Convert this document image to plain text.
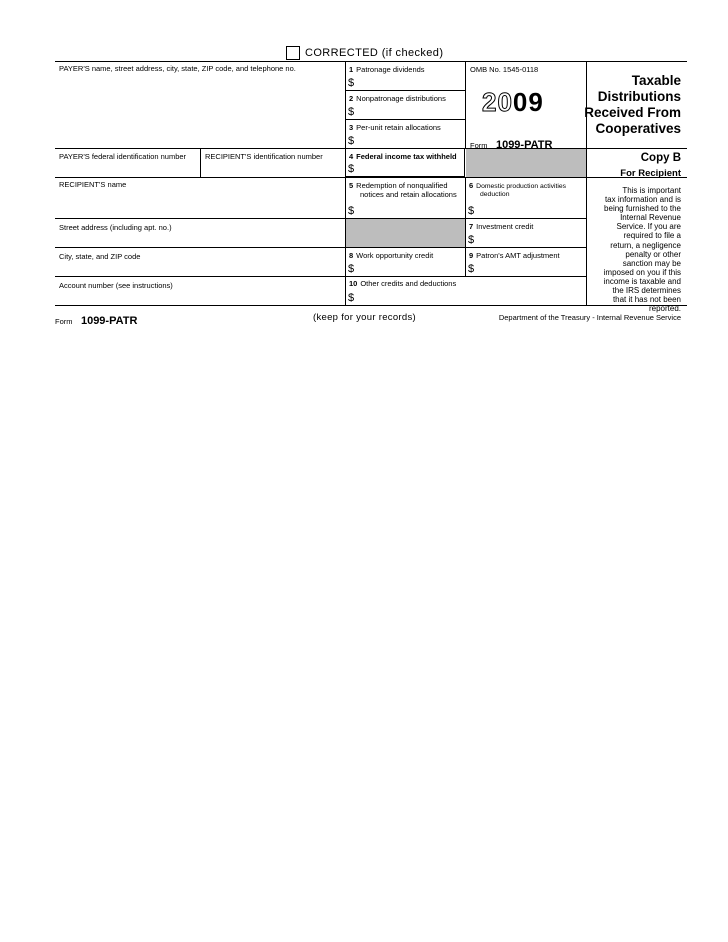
CORRECTED (if checked)
PAYER'S name, street address, city, state, ZIP code, and telephone no.
PAYER'S federal identification number	RECIPIENT'S identification number
RECIPIENT'S name
Street address (including apt. no.)
City, state, and ZIP code
Account number (see instructions)
1 Patronage dividends
$
2 Nonpatronage distributions
$
3 Per-unit retain allocations
$
4 Federal income tax withheld
$
5 Redemption of nonqualified
notices and retain allocations
$
6 Domestic production activities
deduction
$
7 Investment credit
$
8 Work opportunity credit
$
9 Patron's AMT adjustment
$
10 Other credits and deductions
$
OMB No. 1545-0118
2009
Form 1099-PATR
Taxable
Distributions
Received From
Cooperatives
Copy B
For Recipient
This is important
tax information and is
being furnished to the
Internal Revenue
Service. If you are
required to file a
return, a negligence
penalty or other
sanction may be
imposed on you if this
income is taxable and
the IRS determines
that it has not been
reported.
Form 1099-PATR	(keep for your records)	Department of the Treasury - Internal Revenue Service
